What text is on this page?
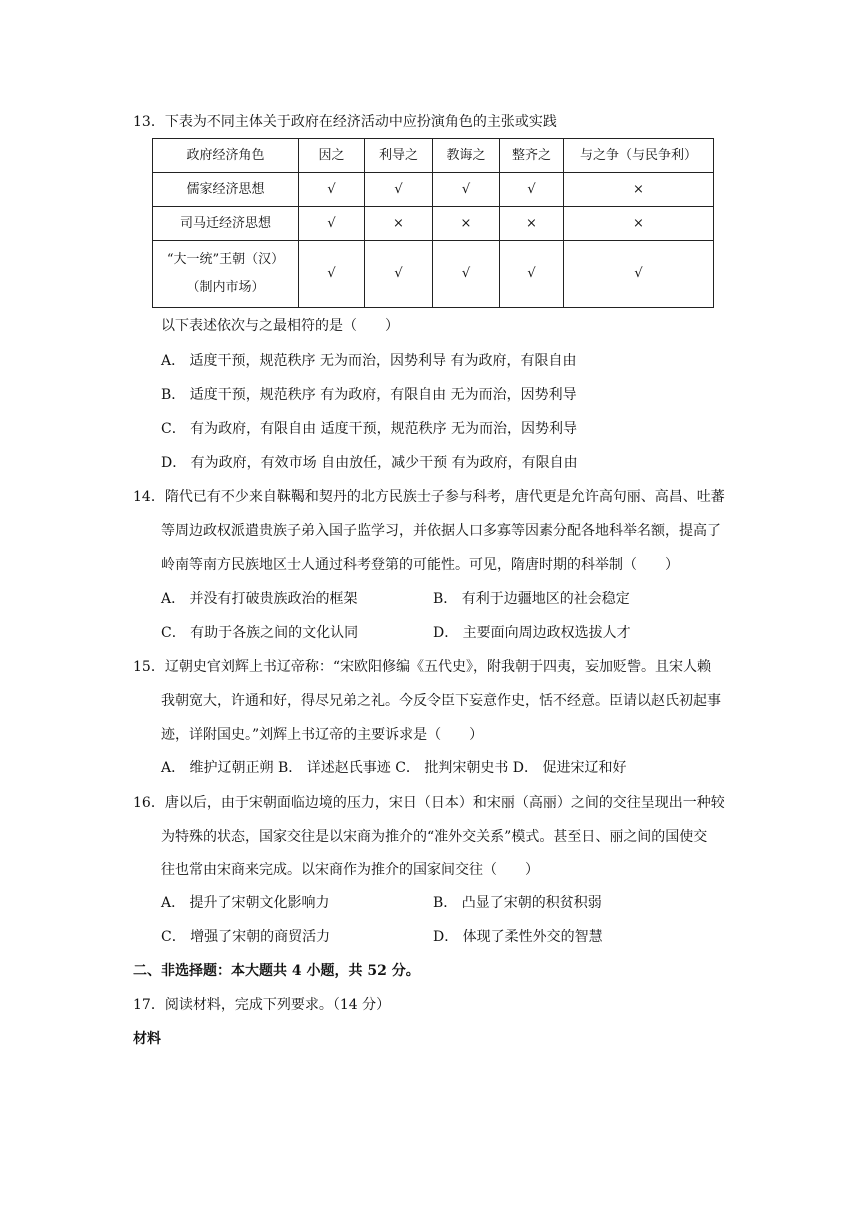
13．下表为不同主体关于政府在经济活动中应扮演角色的主张或实践
政府经济角色	因之	利导之	教诲之	整齐之	与之争（与民争利）
儒家经济思想	√	√	√	√	×
司马迁经济思想	√	×	×	×	×

“大一统”王朝（汉）
（制内市场）	√	√	√	√	√
以下表述依次与之最相符的是（　　）
A． 适度干预，规范秩序 无为而治，因势利导 有为政府，有限自由
B． 适度干预，规范秩序 有为政府，有限自由 无为而治，因势利导
C． 有为政府，有限自由 适度干预，规范秩序 无为而治，因势利导
D． 有为政府，有效市场 自由放任，减少干预 有为政府，有限自由
14．隋代已有不少来自靺鞨和契丹的北方民族士子参与科考，唐代更是允许高句丽、高昌、吐蕃
等周边政权派遣贵族子弟入国子监学习，并依据人口多寡等因素分配各地科举名额，提高了
岭南等南方民族地区士人通过科考登第的可能性。可见，隋唐时期的科举制（　　）
A． 并没有打破贵族政治的框架	B． 有利于边疆地区的社会稳定
C． 有助于各族之间的文化认同	D． 主要面向周边政权选拔人才
15．辽朝史官刘辉上书辽帝称：“宋欧阳修编《五代史》，附我朝于四夷，妄加贬訾。且宋人赖
我朝宽大，许通和好，得尽兄弟之礼。今反令臣下妄意作史，恬不经意。臣请以赵氏初起事
迹，详附国史。”刘辉上书辽帝的主要诉求是（　　）
A． 维护辽朝正朔 B． 详述赵氏事迹 C． 批判宋朝史书 D． 促进宋辽和好
16．唐以后，由于宋朝面临边境的压力，宋日（日本）和宋丽（高丽）之间的交往呈现出一种较
为特殊的状态，国家交往是以宋商为推介的“准外交关系”模式。甚至日、丽之间的国使交
往也常由宋商来完成。以宋商作为推介的国家间交往（　　）
A． 提升了宋朝文化影响力	B． 凸显了宋朝的积贫积弱
C． 增强了宋朝的商贸活力	D． 体现了柔性外交的智慧
二、非选择题：本大题共 4 小题，共 52 分。
17．阅读材料，完成下列要求。（14 分）
材料
